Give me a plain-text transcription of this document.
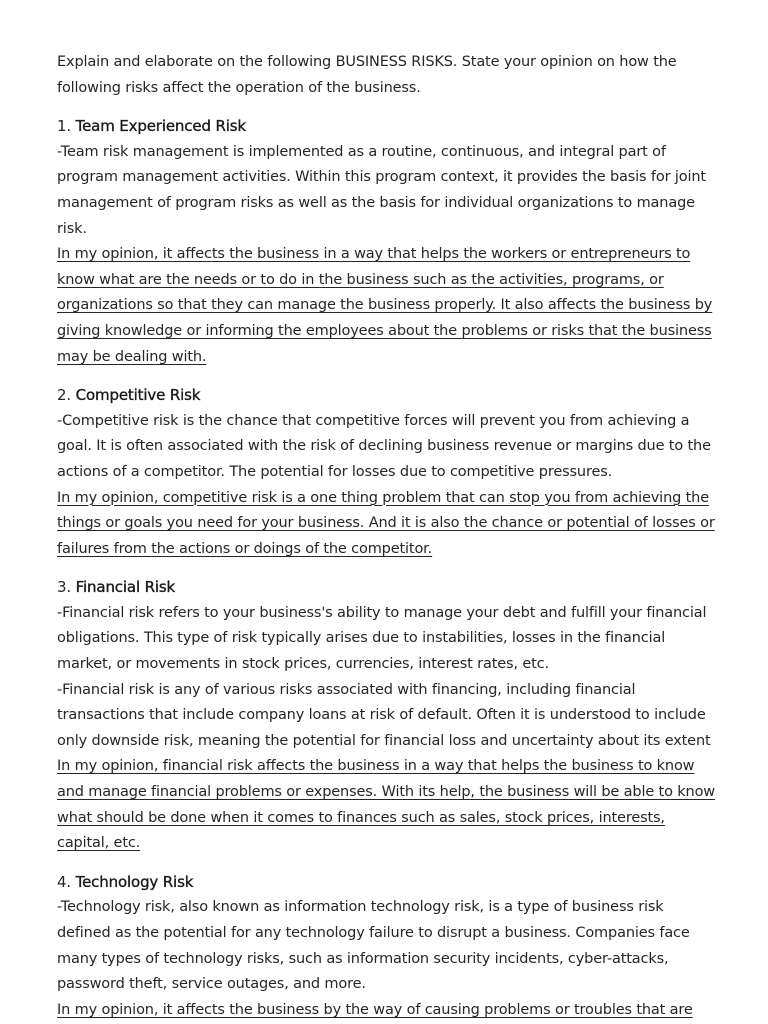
Explain and elaborate on the following BUSINESS RISKS. State your opinion on how the following risks affect the operation of the business.

1. Team Experienced Risk

-Team risk management is implemented as a routine, continuous, and integral part of program management activities. Within this program context, it provides the basis for joint management of program risks as well as the basis for individual organizations to manage risk.

In my opinion, it affects the business in a way that helps the workers or entrepreneurs to know what are the needs or to do in the business such as the activities, programs, or organizations so that they can manage the business properly. It also affects the business by giving knowledge or informing the employees about the problems or risks that the business may be dealing with.

2. Competitive Risk

-Competitive risk is the chance that competitive forces will prevent you from achieving a goal. It is often associated with the risk of declining business revenue or margins due to the actions of a competitor. The potential for losses due to competitive pressures.

In my opinion, competitive risk is a one thing problem that can stop you from achieving the things or goals you need for your business. And it is also the chance or potential of losses or failures from the actions or doings of the competitor.

3. Financial Risk

-Financial risk refers to your business's ability to manage your debt and fulfill your financial obligations. This type of risk typically arises due to instabilities, losses in the financial market, or movements in stock prices, currencies, interest rates, etc.

-Financial risk is any of various risks associated with financing, including financial transactions that include company loans at risk of default. Often it is understood to include only downside risk, meaning the potential for financial loss and uncertainty about its extent

In my opinion, financial risk affects the business in a way that helps the business to know and manage financial problems or expenses. With its help, the business will be able to know what should be done when it comes to finances such as sales, stock prices, interests, capital, etc.

4. Technology Risk

-Technology risk, also known as information technology risk, is a type of business risk defined as the potential for any technology failure to disrupt a business. Companies face many types of technology risks, such as information security incidents, cyber-attacks, password theft, service outages, and more.

In my opinion, it affects the business by the way of causing problems or troubles that are
